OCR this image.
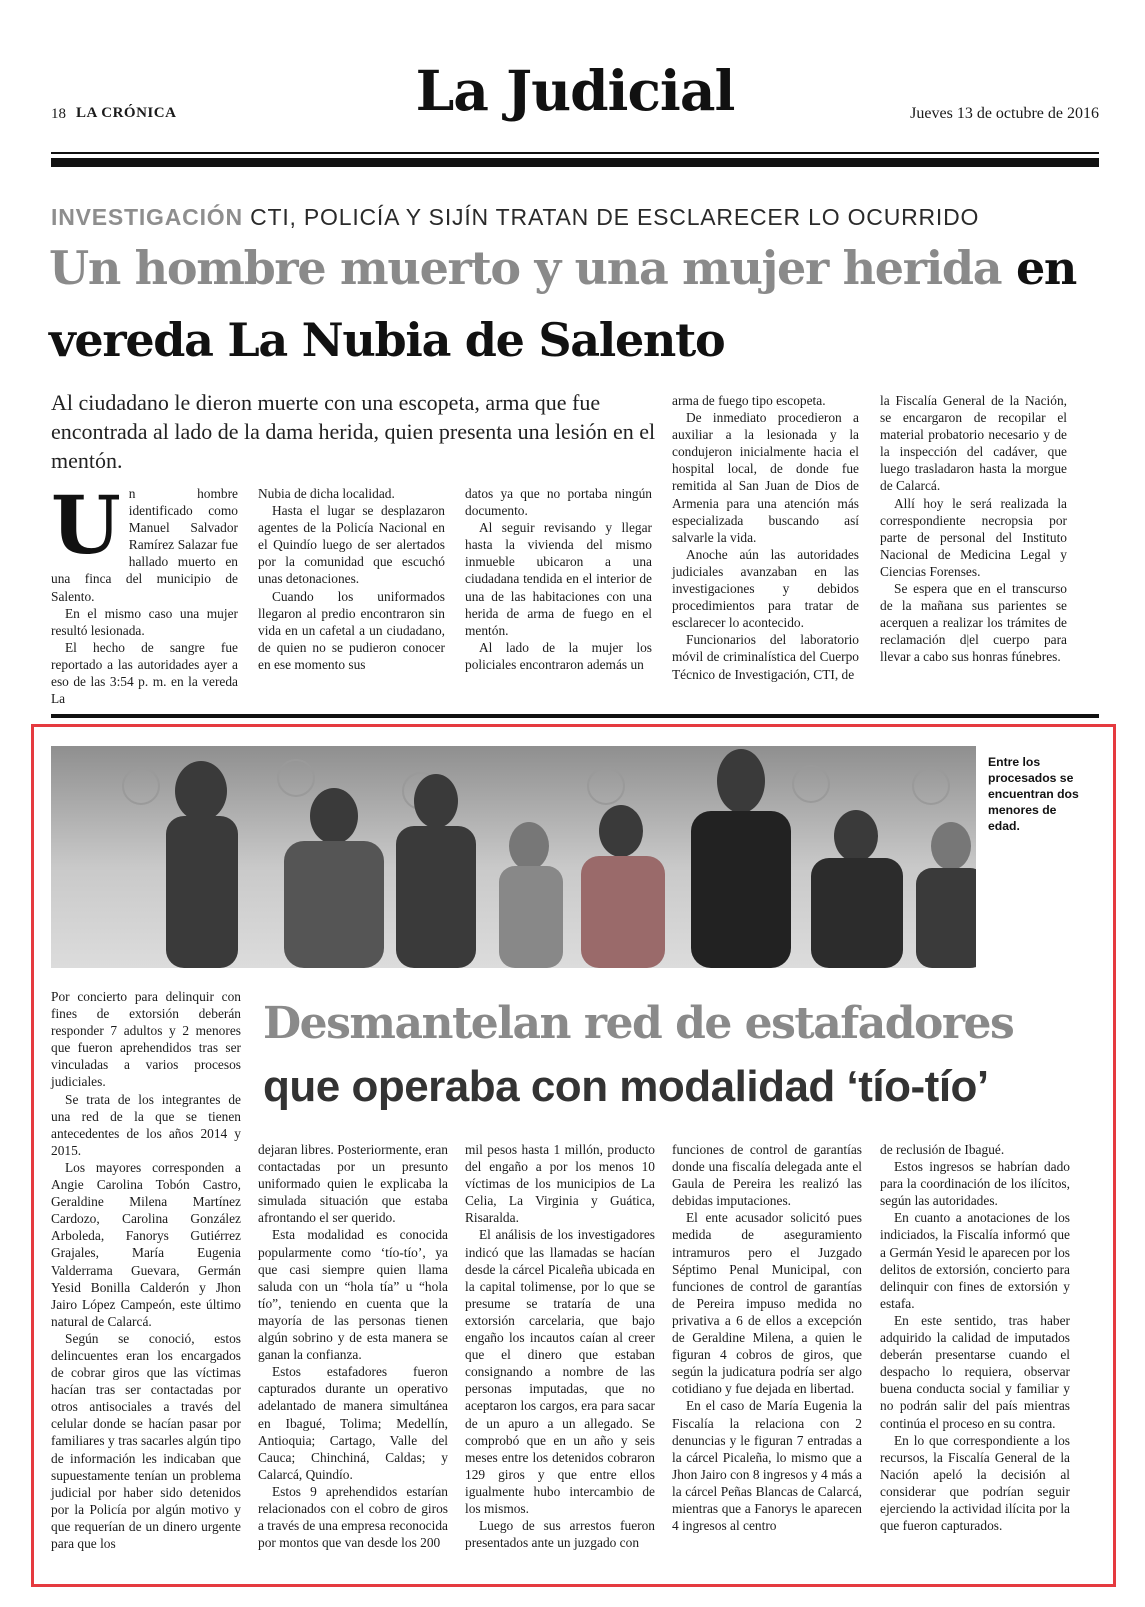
18 LA CRÓNICA	La Judicial	Jueves 13 de octubre de 2016
INVESTIGACIÓN CTI, POLICÍA Y SIJÍN TRATAN DE ESCLARECER LO OCURRIDO
Un hombre muerto y una mujer herida en vereda La Nubia de Salento

Al ciudadano le dieron muerte con una escopeta, arma que fue encontrada al lado de la dama herida, quien presenta una lesión en el mentón.

U n hombre identificado como Manuel Salvador Ramírez Salazar fue hallado muerto en una finca del municipio de Salento.

En el mismo caso una mujer resultó lesionada.

El hecho de sangre fue reportado a las autoridades ayer a eso de las 3:54 p. m. en la vereda La

Nubia de dicha localidad.

Hasta el lugar se desplazaron agentes de la Policía Nacional en el Quindío luego de ser alertados por la comunidad que escuchó unas detonaciones.

Cuando los uniformados llegaron al predio encontraron sin vida en un cafetal a un ciudadano, de quien no se pudieron conocer en ese momento sus

datos ya que no portaba ningún documento.

Al seguir revisando y llegar hasta la vivienda del mismo inmueble ubicaron a una ciudadana tendida en el interior de una de las habitaciones con una herida de arma de fuego en el mentón.

Al lado de la mujer los policiales encontraron además un

arma de fuego tipo escopeta.

De inmediato procedieron a auxiliar a la lesionada y la condujeron inicialmente hacia el hospital local, de donde fue remitida al San Juan de Dios de Armenia para una atención más especializada buscando así salvarle la vida.

Anoche aún las autoridades judiciales avanzaban en las investigaciones y debidos procedimientos para tratar de esclarecer lo acontecido.

Funcionarios del laboratorio móvil de criminalística del Cuerpo Técnico de Investigación, CTI, de

la Fiscalía General de la Nación, se encargaron de recopilar el material probatorio necesario y de la inspección del cadáver, que luego trasladaron hasta la morgue de Calarcá.

Allí hoy le será realizada la correspondiente necropsia por parte de personal del Instituto Nacional de Medicina Legal y Ciencias Forenses.

Se espera que en el transcurso de la mañana sus parientes se acerquen a realizar los trámites de reclamación d|el cuerpo para llevar a cabo sus honras fúnebres.

Entre los procesados se encuentran dos menores de edad.

Desmantelan red de estafadores
que operaba con modalidad ‘tío-tío’

Por concierto para delinquir con fines de extorsión deberán responder 7 adultos y 2 menores que fueron aprehendidos tras ser vinculadas a varios procesos judiciales.

Se trata de los integrantes de una red de la que se tienen antecedentes de los años 2014 y 2015.

Los mayores corresponden a Angie Carolina Tobón Castro, Geraldine Milena Martínez Cardozo, Carolina González Arboleda, Fanorys Gutiérrez Grajales, María Eugenia Valderrama Guevara, Germán Yesid Bonilla Calderón y Jhon Jairo López Campeón, este último natural de Calarcá.

Según se conoció, estos delincuentes eran los encargados de cobrar giros que las víctimas hacían tras ser contactadas por otros antisociales a través del celular donde se hacían pasar por familiares y tras sacarles algún tipo de información les indicaban que supuestamente tenían un problema judicial por haber sido detenidos por la Policía por algún motivo y que requerían de un dinero urgente para que los

dejaran libres. Posteriormente, eran contactadas por un presunto uniformado quien le explicaba la simulada situación que estaba afrontando el ser querido.

Esta modalidad es conocida popularmente como ‘tío-tío’, ya que casi siempre quien llama saluda con un “hola tía” u “hola tío”, teniendo en cuenta que la mayoría de las personas tienen algún sobrino y de esta manera se ganan la confianza.

Estos estafadores fueron capturados durante un operativo adelantado de manera simultánea en Ibagué, Tolima; Medellín, Antioquia; Cartago, Valle del Cauca; Chinchiná, Caldas; y Calarcá, Quindío.

Estos 9 aprehendidos estarían relacionados con el cobro de giros a través de una empresa reconocida por montos que van desde los 200

mil pesos hasta 1 millón, producto del engaño a por los menos 10 víctimas de los municipios de La Celia, La Virginia y Guática, Risaralda.

El análisis de los investigadores indicó que las llamadas se hacían desde la cárcel Picaleña ubicada en la capital tolimense, por lo que se presume se trataría de una extorsión carcelaria, que bajo engaño los incautos caían al creer que el dinero que estaban consignando a nombre de las personas imputadas, que no aceptaron los cargos, era para sacar de un apuro a un allegado. Se comprobó que en un año y seis meses entre los detenidos cobraron 129 giros y que entre ellos igualmente hubo intercambio de los mismos.

Luego de sus arrestos fueron presentados ante un juzgado con

funciones de control de garantías donde una fiscalía delegada ante el Gaula de Pereira les realizó las debidas imputaciones.

El ente acusador solicitó pues medida de aseguramiento intramuros pero el Juzgado Séptimo Penal Municipal, con funciones de control de garantías de Pereira impuso medida no privativa a 6 de ellos a excepción de Geraldine Milena, a quien le figuran 4 cobros de giros, que según la judicatura podría ser algo cotidiano y fue dejada en libertad.

En el caso de María Eugenia la Fiscalía la relaciona con 2 denuncias y le figuran 7 entradas a la cárcel Picaleña, lo mismo que a Jhon Jairo con 8 ingresos y 4 más a la cárcel Peñas Blancas de Calarcá, mientras que a Fanorys le aparecen 4 ingresos al centro

de reclusión de Ibagué.

Estos ingresos se habrían dado para la coordinación de los ilícitos, según las autoridades.

En cuanto a anotaciones de los indiciados, la Fiscalía informó que a Germán Yesid le aparecen por los delitos de extorsión, concierto para delinquir con fines de extorsión y estafa.

En este sentido, tras haber adquirido la calidad de imputados deberán presentarse cuando el despacho lo requiera, observar buena conducta social y familiar y no podrán salir del país mientras continúa el proceso en su contra.

En lo que correspondiente a los recursos, la Fiscalía General de la Nación apeló la decisión al considerar que podrían seguir ejerciendo la actividad ilícita por la que fueron capturados.
